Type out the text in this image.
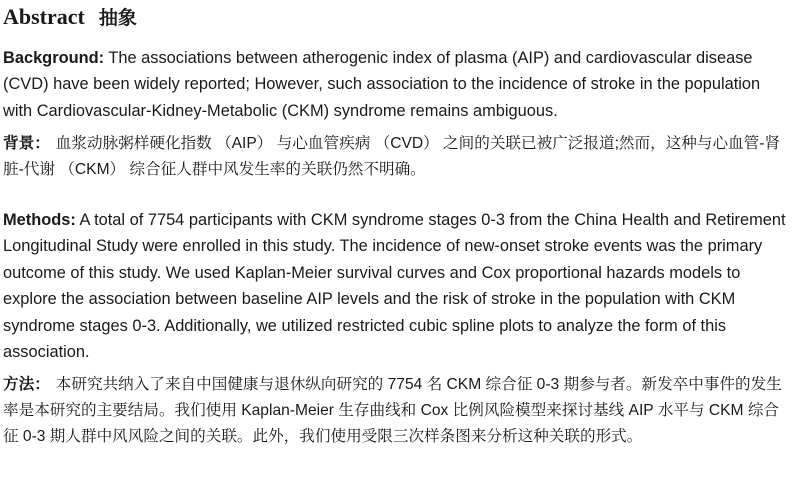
Abstract 抽象

Background: The associations between atherogenic index of plasma (AIP) and cardiovascular disease (CVD) have been widely reported; However, such association to the incidence of stroke in the population with Cardiovascular-Kidney-Metabolic (CKM) syndrome remains ambiguous.

背景： 血浆动脉粥样硬化指数 （AIP） 与心血管疾病 （CVD） 之间的关联已被广泛报道;然而，这种与心血管-肾脏-代谢 （CKM） 综合征人群中风发生率的关联仍然不明确。

Methods: A total of 7754 participants with CKM syndrome stages 0-3 from the China Health and Retirement Longitudinal Study were enrolled in this study. The incidence of new-onset stroke events was the primary outcome of this study. We used Kaplan-Meier survival curves and Cox proportional hazards models to explore the association between baseline AIP levels and the risk of stroke in the population with CKM syndrome stages 0-3. Additionally, we utilized restricted cubic spline plots to analyze the form of this association.

方法： 本研究共纳入了来自中国健康与退休纵向研究的 7754 名 CKM 综合征 0-3 期参与者。新发卒中事件的发生率是本研究的主要结局。我们使用 Kaplan-Meier 生存曲线和 Cox 比例风险模型来探讨基线 AIP 水平与 CKM 综合征 0-3 期人群中风风险之间的关联。此外，我们使用受限三次样条图来分析这种关联的形式。
